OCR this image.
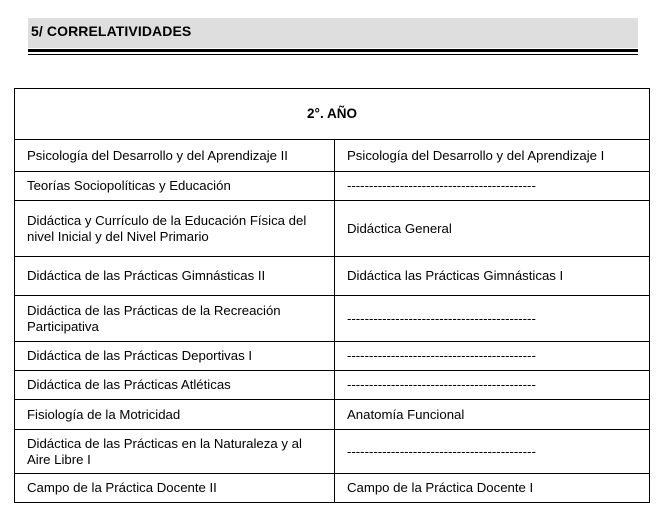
5/ CORRELATIVIDADES
2°. AÑO	
Psicología del Desarrollo y del Aprendizaje II	Psicología del Desarrollo y del Aprendizaje I
Teorías Sociopolíticas y Educación	-------------------------------------------
Didáctica y Currículo de la Educación Física del nivel Inicial y del Nivel Primario	Didáctica General
Didáctica de las Prácticas Gimnásticas II	Didáctica las Prácticas Gimnásticas I
Didáctica de las Prácticas de la Recreación Participativa	-------------------------------------------
Didáctica de las Prácticas Deportivas I	-------------------------------------------
Didáctica de las Prácticas Atléticas	-------------------------------------------
Fisiología de la Motricidad	Anatomía Funcional
Didáctica de las Prácticas en la Naturaleza y al Aire Libre I	-------------------------------------------
Campo de la Práctica Docente II	Campo de la Práctica Docente I
